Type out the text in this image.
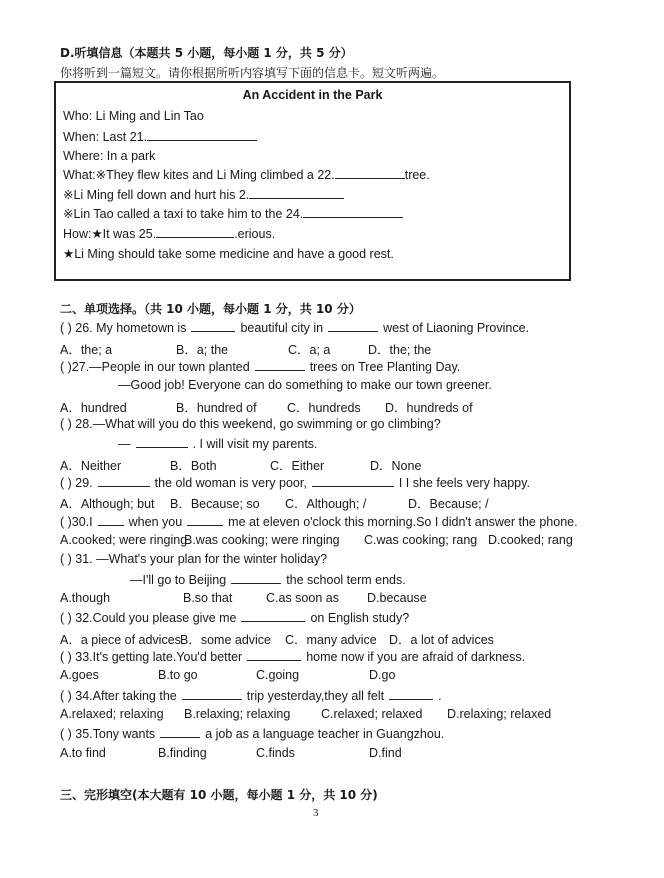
D.听填信息（本题共 5 小题，每小题 1 分，共 5 分）
你将听到一篇短文。请你根据所听内容填写下面的信息卡。短文听两遍。
An Accident in the Park
Who: Li Ming and Lin Tao
When: Last 21.
Where: In a park
What:※They flew kites and Li Ming climbed a 22.	tree.
※Li Ming fell down and hurt his 2.
※Lin Tao called a taxi to take him to the 24.
How:★It was 25.	.erious.
★Li Ming should take some medicine and have a good rest.
二、单项选择。（共 10 小题，每小题 1 分，共 10 分）
( ) 26. My hometown is	beautiful city in	west of Liaoning Province.
A．the; a	B．a; the	C．a; a	D．the; the
( )27.—People in our town planted	trees on Tree Planting Day.
—Good job! Everyone can do something to make our town greener.
A．hundred	B．hundred of C．hundreds D．hundreds of
( ) 28.—What will you do this weekend, go swimming or go climbing?
—	. I will visit my parents.
A．Neither	B．Both	C．Either	D．None
( ) 29.	the old woman is very poor,	I I she feels very happy.
A．Although; but B．Because; so C．Although; /	D．Because; /
( )30.I	when you	me at eleven o'clock this morning.So I didn't answer the phone.
A.cooked; were ringing
B.was cooking; were ringing C.was cooking; rang D.cooked; rang
( ) 31. —What's your plan for the winter holiday?
—I'll go to Beijing	the school term ends.
A.though	B.so that	C.as soon as D.because
( ) 32.Could you please give me	on English study?
A．a piece of advices B．some advice C．many advice D．a lot of advices
( ) 33.It's getting late.You'd better	home now if you are afraid of darkness.
A.goes	B.to go	C.going	D.go
( ) 34.After taking the	trip yesterday,they all felt	.
A.relaxed; relaxing B.relaxing; relaxing C.relaxed; relaxed D.relaxing; relaxed
( ) 35.Tony wants	a job as a language teacher in Guangzhou.
A.to find	B.finding	C.finds	D.find
三、完形填空(本大题有 10 小题，每小题 1 分，共 10 分)
3
